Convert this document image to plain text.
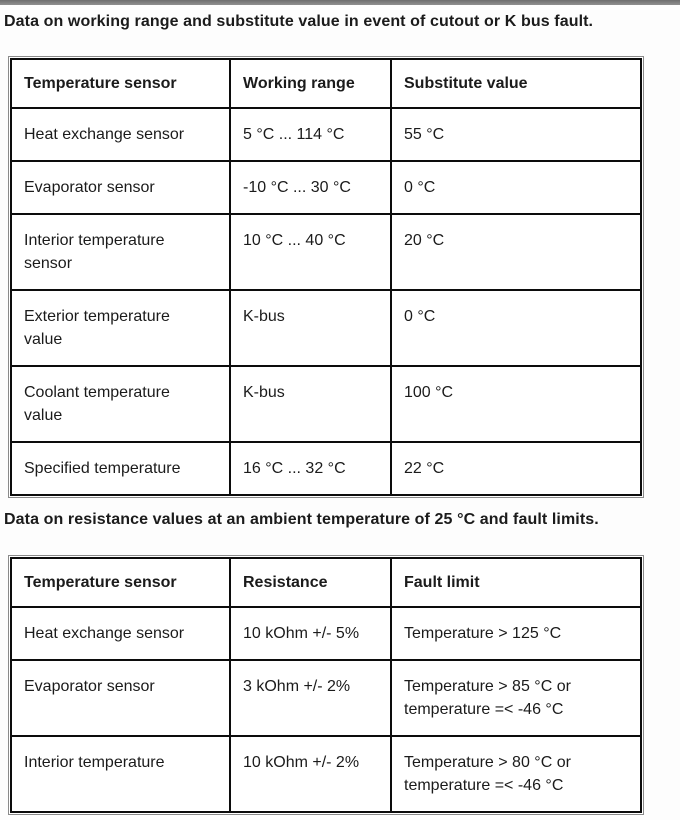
Data on working range and substitute value in event of cutout or K bus fault.
Temperature sensor	Working range	Substitute value
Heat exchange sensor	5 °C ... 114 °C	55 °C
Evaporator sensor	-10 °C ... 30 °C	0 °C
Interior temperature sensor	10 °C ... 40 °C	20 °C
Exterior temperature value	K-bus	0 °C
Coolant temperature value	K-bus	100 °C
Specified temperature	16 °C ... 32 °C	22 °C
Data on resistance values at an ambient temperature of 25 °C and fault limits.
Temperature sensor	Resistance	Fault limit
Heat exchange sensor	10 kOhm +/- 5%	Temperature > 125 °C
Evaporator sensor	3 kOhm +/- 2%	Temperature > 85 °C or temperature =< -46 °C
Interior temperature	10 kOhm +/- 2%	Temperature > 80 °C or temperature =< -46 °C
